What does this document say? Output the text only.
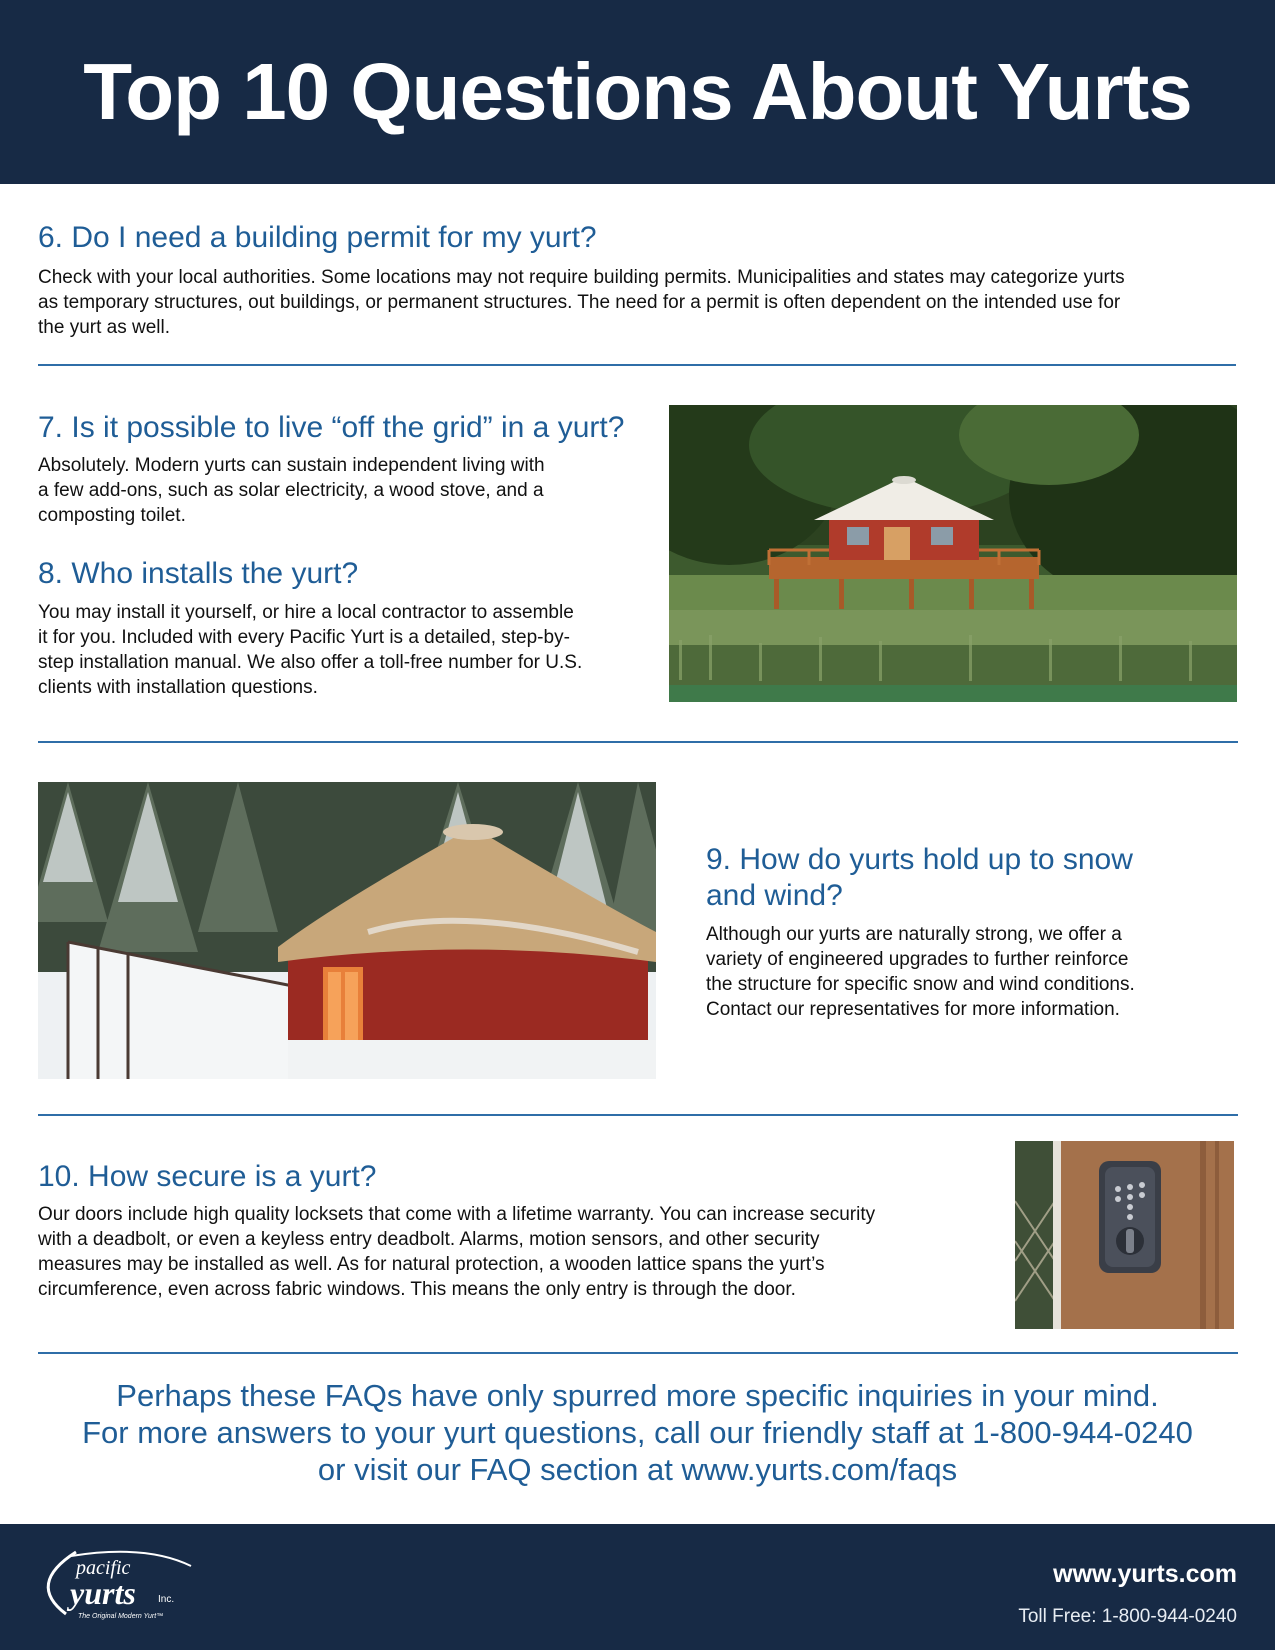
Top 10 Questions About Yurts
6. Do I need a building permit for my yurt?
Check with your local authorities. Some locations may not require building permits. Municipalities and states may categorize yurts
as temporary structures, out buildings, or permanent structures. The need for a permit is often dependent on the intended use for
the yurt as well.
7. Is it possible to live “off the grid” in a yurt?
Absolutely. Modern yurts can sustain independent living with
a few add-ons, such as solar electricity, a wood stove, and a
composting toilet.
8. Who installs the yurt?
You may install it yourself, or hire a local contractor to assemble
it for you. Included with every Pacific Yurt is a detailed, step-by-
step installation manual. We also offer a toll-free number for U.S.
clients with installation questions.
9. How do yurts hold up to snow
and wind?
Although our yurts are naturally strong, we offer a
variety of engineered upgrades to further reinforce
the structure for specific snow and wind conditions.
Contact our representatives for more information.
10. How secure is a yurt?
Our doors include high quality locksets that come with a lifetime warranty. You can increase security
with a deadbolt, or even a keyless entry deadbolt. Alarms, motion sensors, and other security
measures may be installed as well. As for natural protection, a wooden lattice spans the yurt’s
circumference, even across fabric windows. This means the only entry is through the door.
Perhaps these FAQs have only spurred more specific inquiries in your mind.
For more answers to your yurt questions, call our friendly staff at 1-800-944-0240
or visit our FAQ section at www.yurts.com/faqs
pacific
yurts Inc.
The Original Modern Yurt™
www.yurts.com
Toll Free: 1-800-944-0240
